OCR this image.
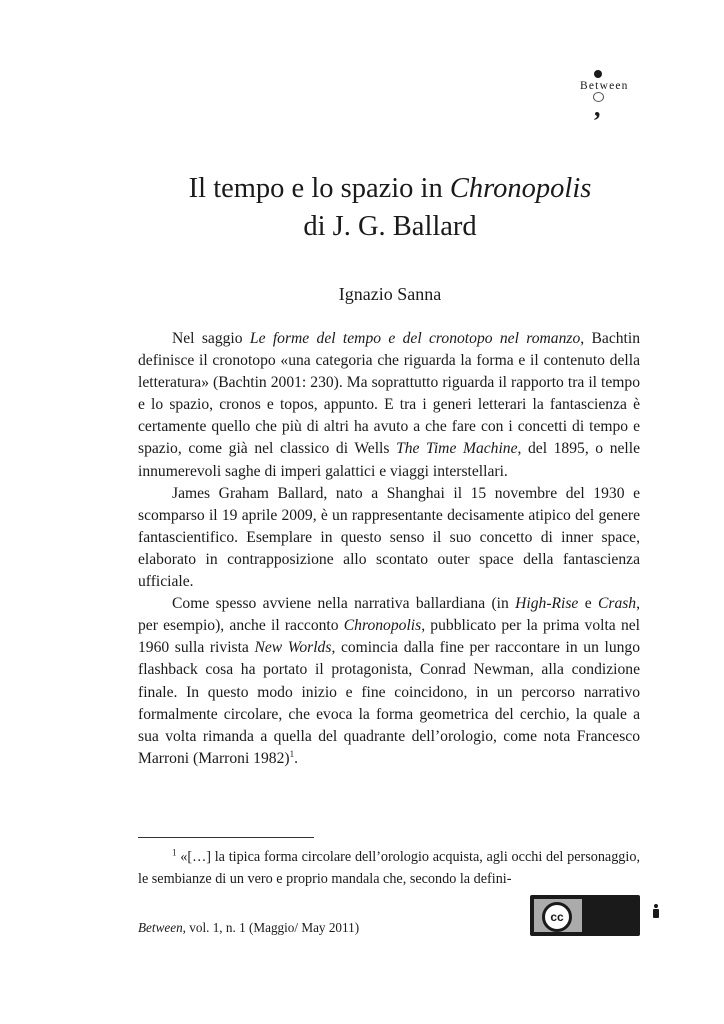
Between
,
Il tempo e lo spazio in Chronopolis
di J. G. Ballard
Ignazio Sanna

Nel saggio Le forme del tempo e del cronotopo nel romanzo, Bachtin definisce il cronotopo «una categoria che riguarda la forma e il contenuto della letteratura» (Bachtin 2001: 230). Ma soprattutto riguarda il rapporto tra il tempo e lo spazio, cronos e topos, appunto. E tra i generi letterari la fantascienza è certamente quello che più di altri ha avuto a che fare con i concetti di tempo e spazio, come già nel classico di Wells The Time Machine, del 1895, o nelle innumerevoli saghe di imperi galattici e viaggi interstellari.

James Graham Ballard, nato a Shanghai il 15 novembre del 1930 e scomparso il 19 aprile 2009, è un rappresentante decisamente atipico del genere fantascientifico. Esemplare in questo senso il suo concetto di inner space, elaborato in contrapposizione allo scontato outer space della fantascienza ufficiale.

Come spesso avviene nella narrativa ballardiana (in High-Rise e Crash, per esempio), anche il racconto Chronopolis, pubblicato per la prima volta nel 1960 sulla rivista New Worlds, comincia dalla fine per raccontare in un lungo flashback cosa ha portato il protagonista, Conrad Newman, alla condizione finale. In questo modo inizio e fine coincidono, in un percorso narrativo formalmente circolare, che evoca la forma geometrica del cerchio, la quale a sua volta rimanda a quella del quadrante dell’orologio, come nota Francesco Marroni (Marroni 1982)$^1$.

$^1$ «[…] la tipica forma circolare dell’orologio acquista, agli occhi del personaggio, le sembianze di un vero e proprio mandala che, secondo la defini-

Between, vol. 1, n. 1 (Maggio/ May 2011)
cc
BY
